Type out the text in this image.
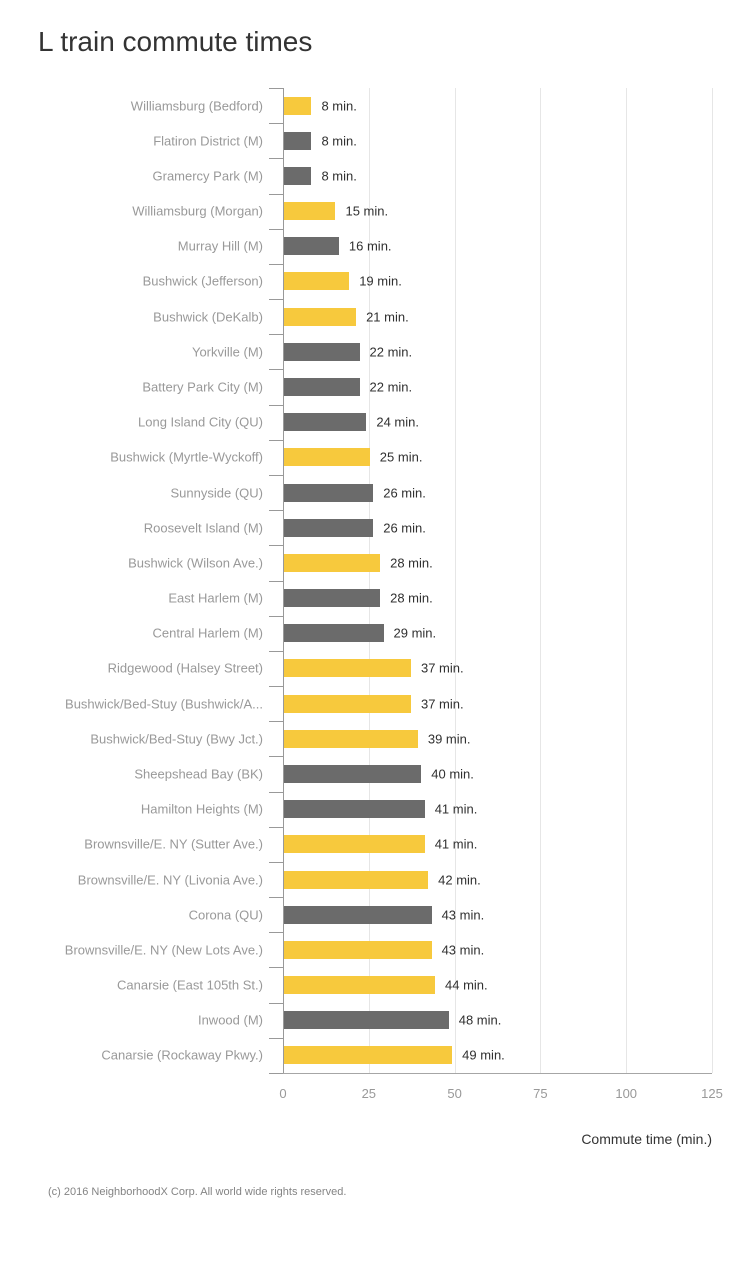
L train commute times
Williamsburg (Bedford)	8 min.
Flatiron District (M)	8 min.
Gramercy Park (M)	8 min.
Williamsburg (Morgan)	15 min.
Murray Hill (M)	16 min.
Bushwick (Jefferson)	19 min.
Bushwick (DeKalb)	21 min.
Yorkville (M)	22 min.
Battery Park City (M)	22 min.
Long Island City (QU)	24 min.
Bushwick (Myrtle-Wyckoff)	25 min.
Sunnyside (QU)	26 min.
Roosevelt Island (M)	26 min.
Bushwick (Wilson Ave.)	28 min.
East Harlem (M)	28 min.
Central Harlem (M)	29 min.
Ridgewood (Halsey Street)	37 min.
Bushwick/Bed-Stuy (Bushwick/A...	37 min.
Bushwick/Bed-Stuy (Bwy Jct.)	39 min.
Sheepshead Bay (BK)	40 min.
Hamilton Heights (M)	41 min.
Brownsville/E. NY (Sutter Ave.)	41 min.
Brownsville/E. NY (Livonia Ave.)	42 min.
Corona (QU)	43 min.
Brownsville/E. NY (New Lots Ave.)	43 min.
Canarsie (East 105th St.)	44 min.
Inwood (M)	48 min.
Canarsie (Rockaway Pkwy.)	49 min.
0	25	50	75	100	125
Commute time (min.)
(c) 2016 NeighborhoodX Corp. All world wide rights reserved.
